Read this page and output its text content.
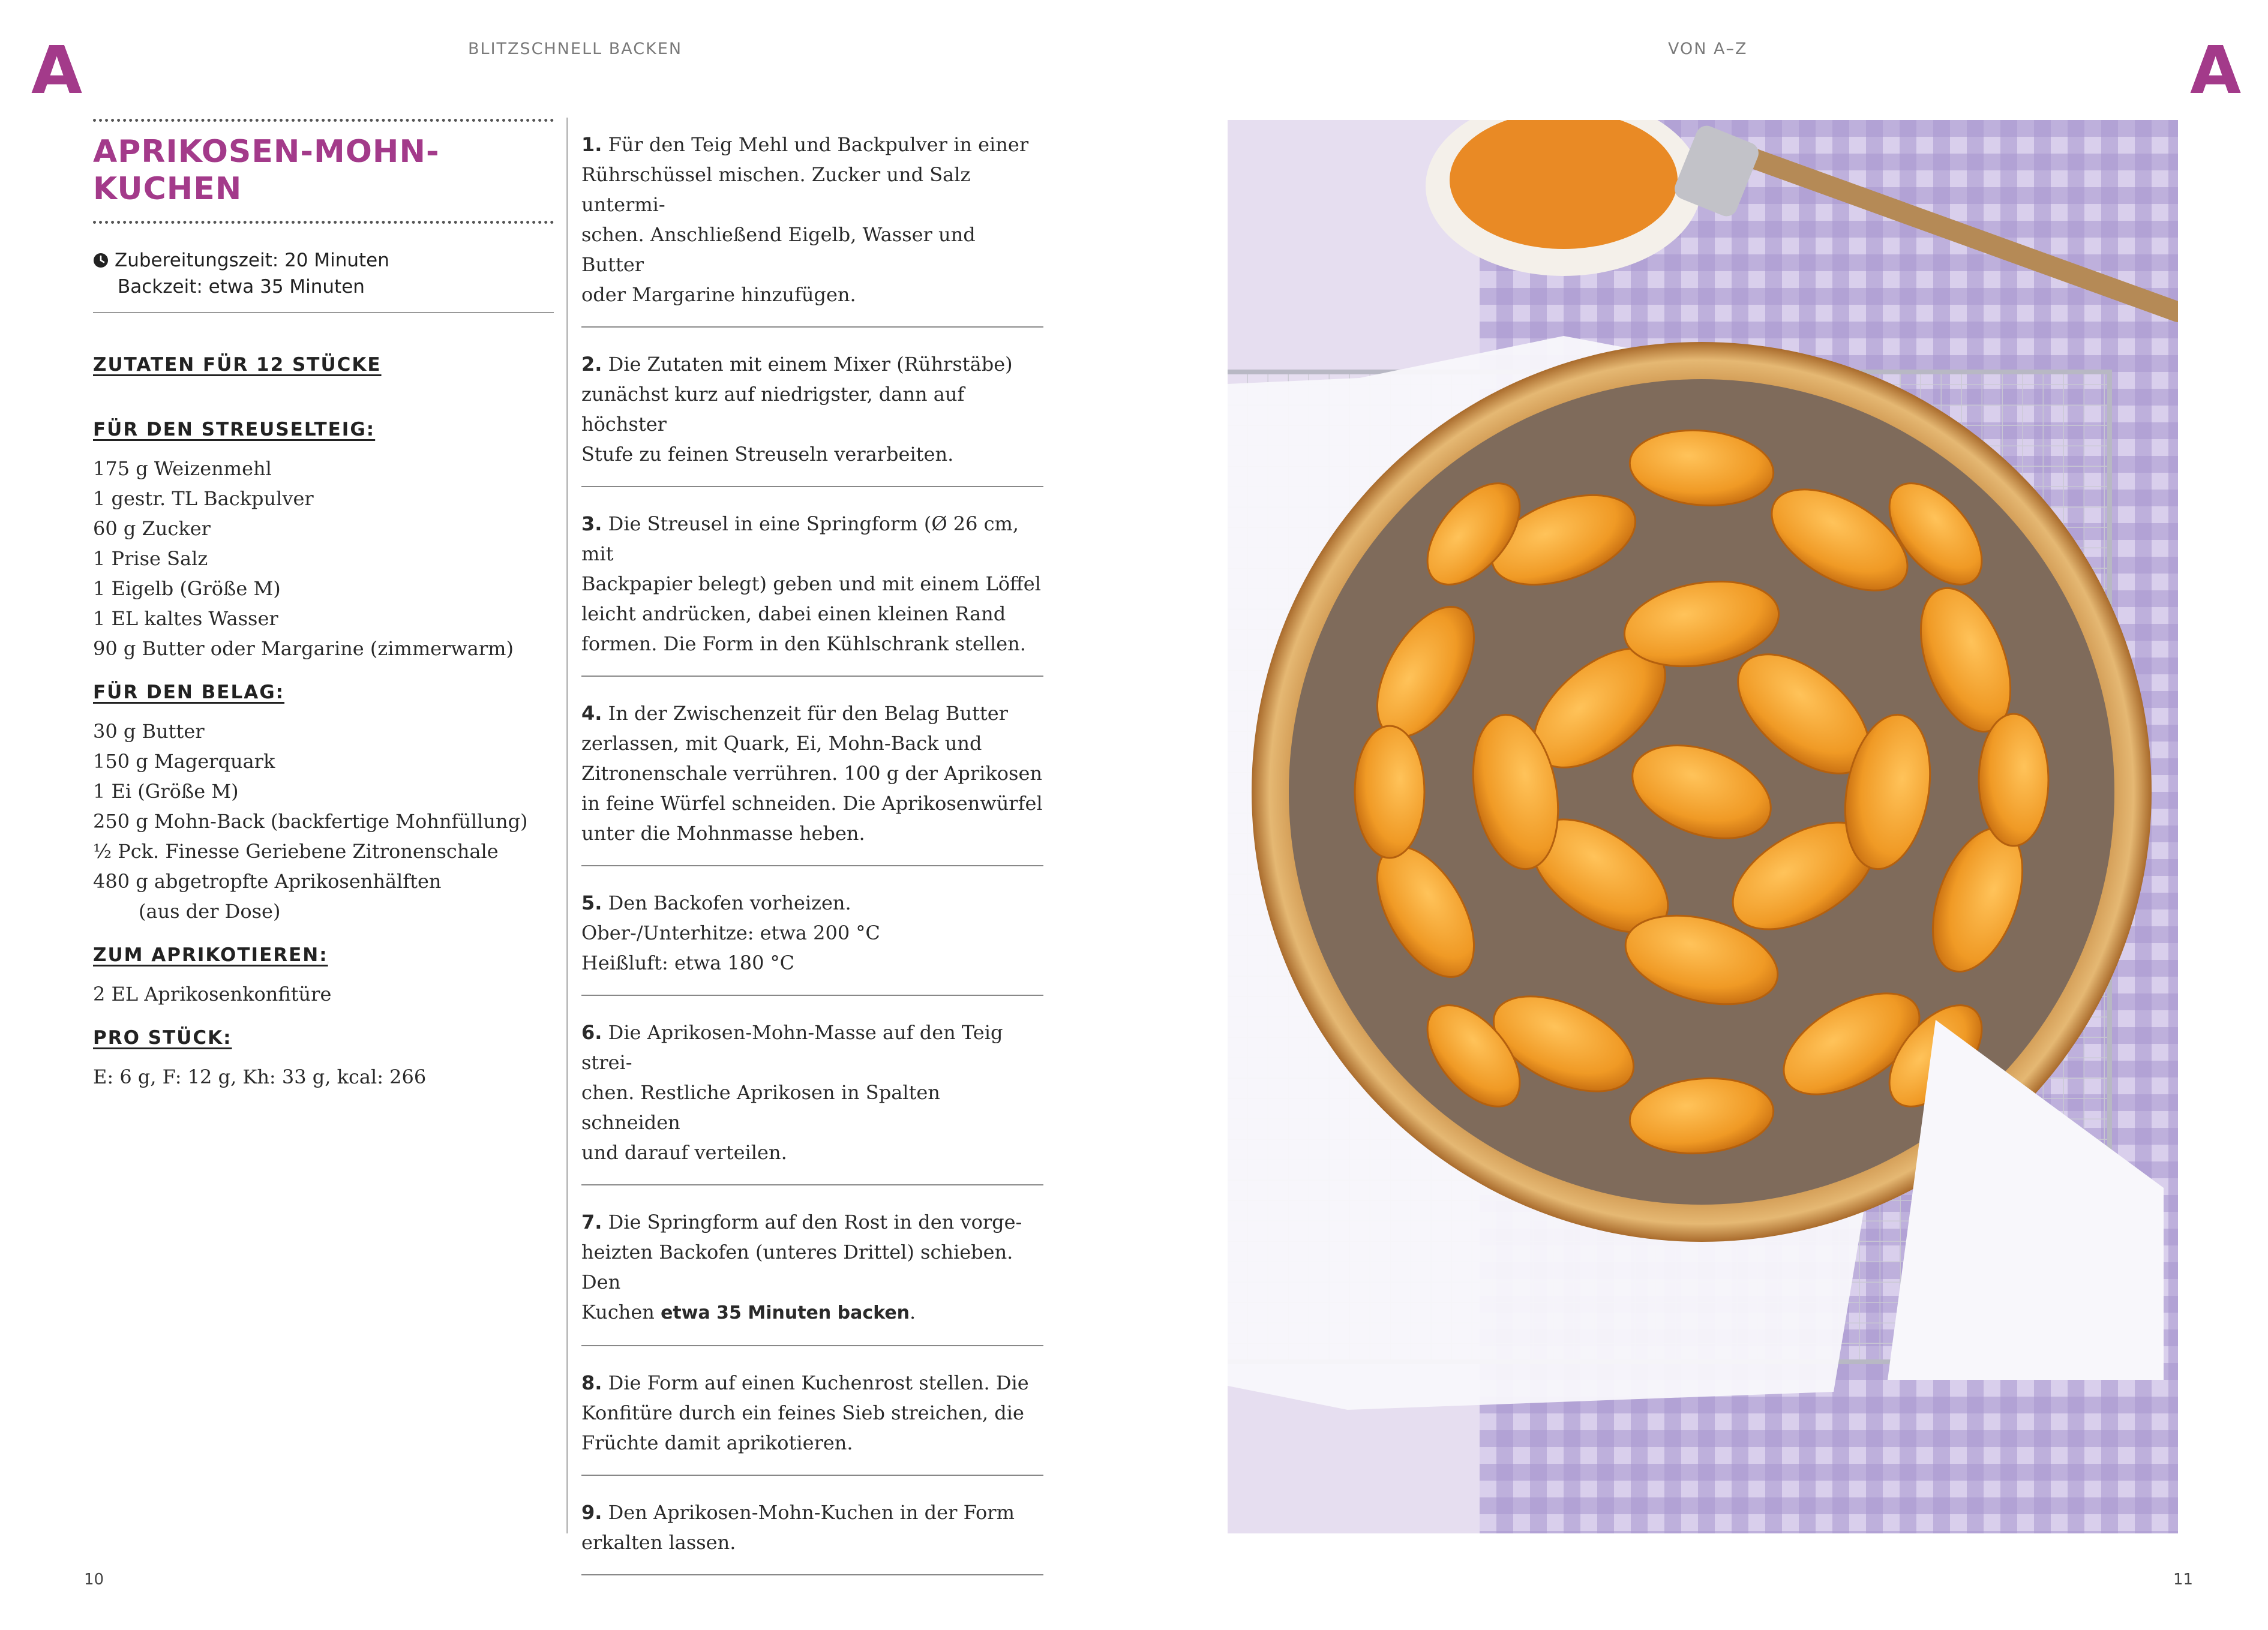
A	A
BLITZSCHNELL BACKEN	VON A–Z
APRIKOSEN-MOHN-
KUCHEN
Zubereitungszeit: 20 Minuten
Backzeit: etwa 35 Minuten
ZUTATEN FÜR 12 STÜCKE
FÜR DEN STREUSELTEIG:
175 g Weizenmehl
1 gestr. TL Backpulver
60 g Zucker
1 Prise Salz
1 Eigelb (Größe M)
1 EL kaltes Wasser
90 g Butter oder Margarine (zimmerwarm)
FÜR DEN BELAG:
30 g Butter
150 g Magerquark
1 Ei (Größe M)
250 g Mohn-Back (backfertige Mohnfüllung)
½ Pck. Finesse Geriebene Zitronenschale
480 g abgetropfte Aprikosenhälften
(aus der Dose)
ZUM APRIKOTIEREN:
2 EL Aprikosenkonfitüre
PRO STÜCK:
E: 6 g, F: 12 g, Kh: 33 g, kcal: 266

1. Für den Teig Mehl und Backpulver in einer

Rührschüssel mischen. Zucker und Salz untermi-

schen. Anschließend Eigelb, Wasser und Butter

oder Margarine hinzufügen.

2. Die Zutaten mit einem Mixer (Rührstäbe)

zunächst kurz auf niedrigster, dann auf höchster

Stufe zu feinen Streuseln verarbeiten.

3. Die Streusel in eine Springform (Ø 26 cm, mit

Backpapier belegt) geben und mit einem Löffel

leicht andrücken, dabei einen kleinen Rand

formen. Die Form in den Kühlschrank stellen.

4. In der Zwischenzeit für den Belag Butter

zerlassen, mit Quark, Ei, Mohn-Back und

Zitronenschale verrühren. 100 g der Aprikosen

in feine Würfel schneiden. Die Aprikosenwürfel

unter die Mohnmasse heben.

5. Den Backofen vorheizen.

Ober-/Unterhitze: etwa 200 °C

Heißluft: etwa 180 °C

6. Die Aprikosen-Mohn-Masse auf den Teig strei-

chen. Restliche Aprikosen in Spalten schneiden

und darauf verteilen.

7. Die Springform auf den Rost in den vorge-

heizten Backofen (unteres Drittel) schieben. Den

Kuchen etwa 35 Minuten backen.

8. Die Form auf einen Kuchenrost stellen. Die

Konfitüre durch ein feines Sieb streichen, die

Früchte damit aprikotieren.

9. Den Aprikosen-Mohn-Kuchen in der Form

erkalten lassen.

10	11
